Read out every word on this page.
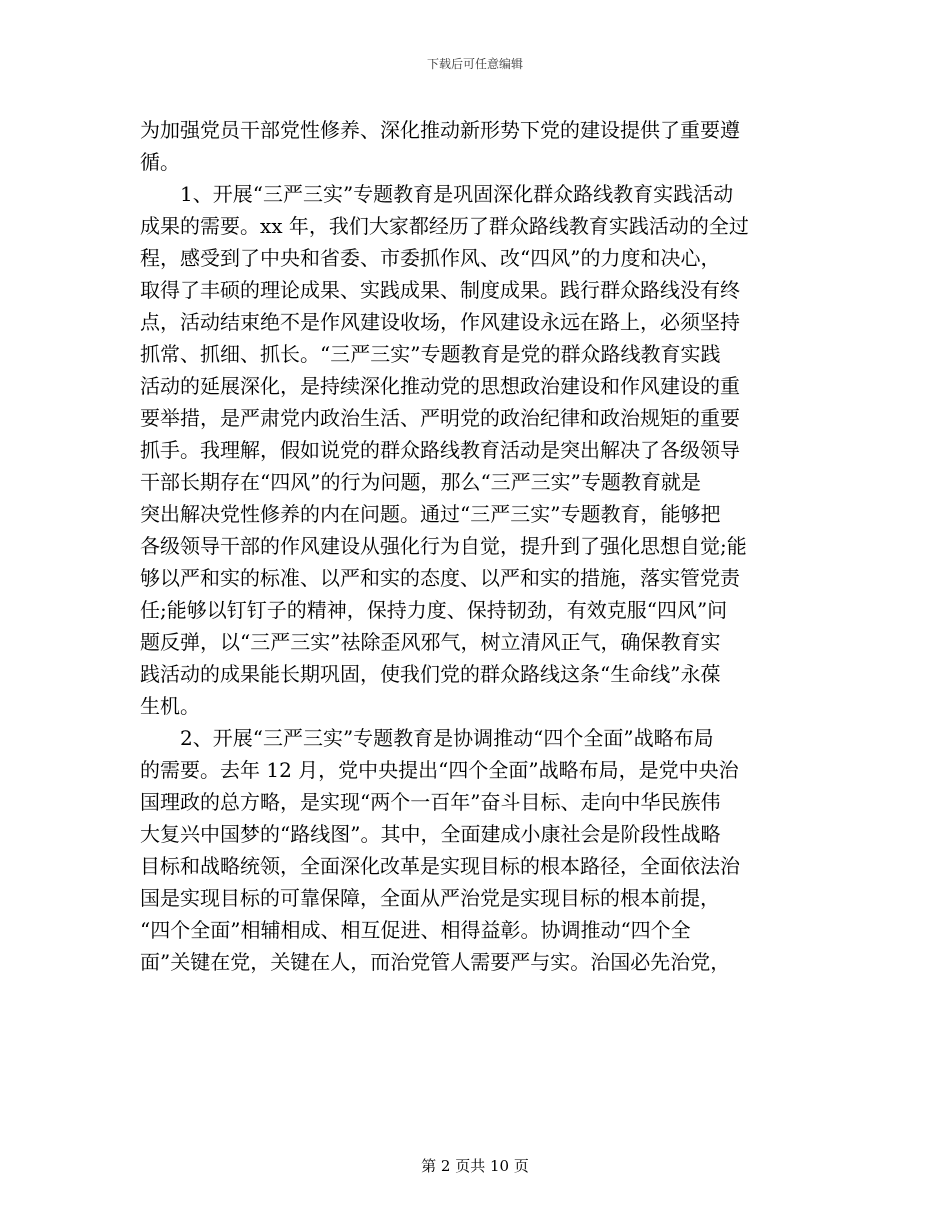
下载后可任意编辑

为加强党员干部党性修养、深化推动新形势下党的建设提供了重要遵
循。

　　1、开展“三严三实”专题教育是巩固深化群众路线教育实践活动
成果的需要。xx 年，我们大家都经历了群众路线教育实践活动的全过
程，感受到了中央和省委、市委抓作风、改“四风”的力度和决心，
取得了丰硕的理论成果、实践成果、制度成果。践行群众路线没有终
点，活动结束绝不是作风建设收场，作风建设永远在路上，必须坚持
抓常、抓细、抓长。“三严三实”专题教育是党的群众路线教育实践
活动的延展深化，是持续深化推动党的思想政治建设和作风建设的重
要举措，是严肃党内政治生活、严明党的政治纪律和政治规矩的重要
抓手。我理解，假如说党的群众路线教育活动是突出解决了各级领导
干部长期存在“四风”的行为问题，那么“三严三实”专题教育就是
突出解决党性修养的内在问题。通过“三严三实”专题教育，能够把
各级领导干部的作风建设从强化行为自觉，提升到了强化思想自觉;能
够以严和实的标准、以严和实的态度、以严和实的措施，落实管党责
任;能够以钉钉子的精神，保持力度、保持韧劲，有效克服“四风”问
题反弹，以“三严三实”祛除歪风邪气，树立清风正气，确保教育实
践活动的成果能长期巩固，使我们党的群众路线这条“生命线”永葆
生机。

　　2、开展“三严三实”专题教育是协调推动“四个全面”战略布局
的需要。去年 12 月，党中央提出“四个全面”战略布局，是党中央治
国理政的总方略，是实现“两个一百年”奋斗目标、走向中华民族伟
大复兴中国梦的“路线图”。其中，全面建成小康社会是阶段性战略
目标和战略统领，全面深化改革是实现目标的根本路径，全面依法治
国是实现目标的可靠保障，全面从严治党是实现目标的根本前提，
“四个全面”相辅相成、相互促进、相得益彰。协调推动“四个全
面”关键在党，关键在人，而治党管人需要严与实。治国必先治党，

第 2 页共 10 页
